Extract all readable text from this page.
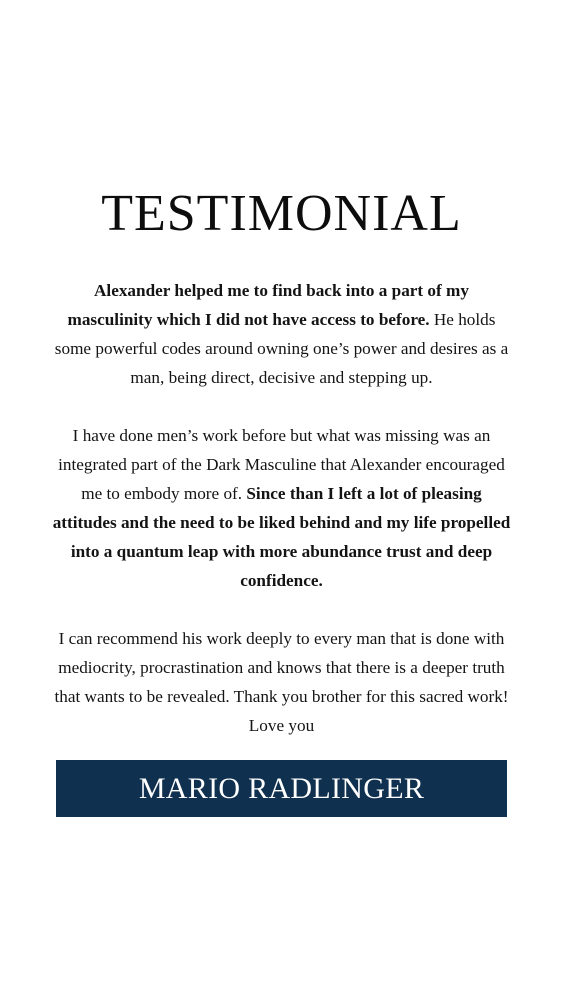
TESTIMONIAL

Alexander helped me to find back into a part of my masculinity which I did not have access to before. He holds some powerful codes around owning one’s power and desires as a man, being direct, decisive and stepping up.

I have done men’s work before but what was missing was an integrated part of the Dark Masculine that Alexander encouraged me to embody more of. Since than I left a lot of pleasing attitudes and the need to be liked behind and my life propelled into a quantum leap with more abundance trust and deep confidence.

I can recommend his work deeply to every man that is done with mediocrity, procrastination and knows that there is a deeper truth that wants to be revealed. Thank you brother for this sacred work! Love you

MARIO RADLINGER
